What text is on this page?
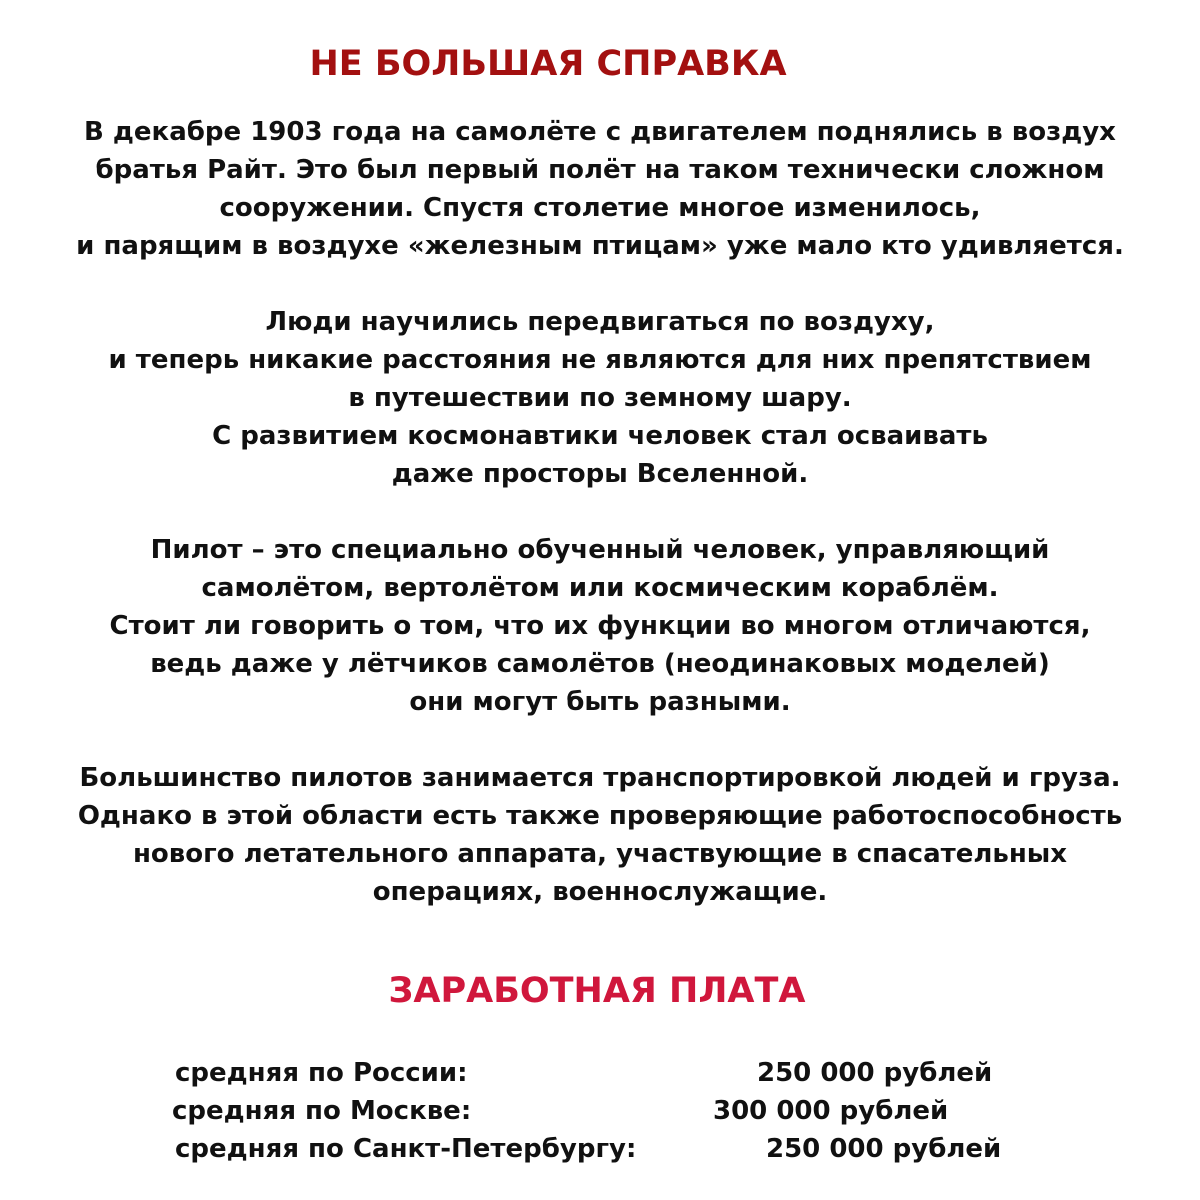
НЕ БОЛЬШАЯ СПРАВКА

В декабре 1903 года на самолёте с двигателем поднялись в воздух

братья Райт. Это был первый полёт на таком технически сложном

сооружении. Спустя столетие многое изменилось,

и парящим в воздухе «железным птицам» уже мало кто удивляется.

Люди научились передвигаться по воздуху,

и теперь никакие расстояния не являются для них препятствием

в путешествии по земному шару.

С развитием космонавтики человек стал осваивать

даже просторы Вселенной.

Пилот – это специально обученный человек, управляющий

самолётом, вертолётом или космическим кораблём.

Стоит ли говорить о том, что их функции во многом отличаются,

ведь даже у лётчиков самолётов (неодинаковых моделей)

они могут быть разными.

Большинство пилотов занимается транспортировкой людей и груза.

Однако в этой области есть также проверяющие работоспособность

нового летательного аппарата, участвующие в спасательных

операциях, военнослужащие.

ЗАРАБОТНАЯ ПЛАТА
средняя по России:	250 000 рублей
средняя по Москве:	300 000 рублей
средняя по Санкт-Петербургу:	250 000 рублей
